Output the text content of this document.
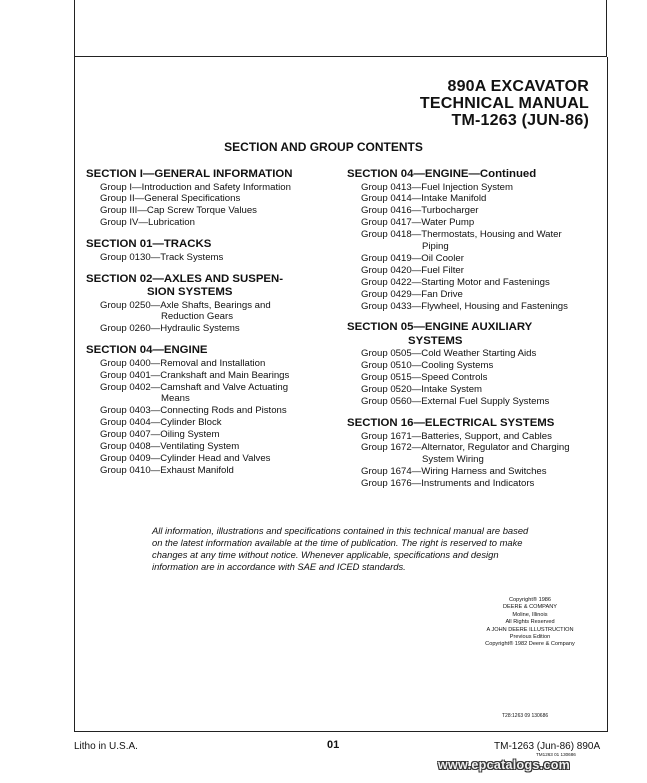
890A EXCAVATOR
TECHNICAL MANUAL
TM-1263 (JUN-86)
SECTION AND GROUP CONTENTS
SECTION I—GENERAL INFORMATION
Group I—Introduction and Safety Information
Group II—General Specifications
Group III—Cap Screw Torque Values
Group IV—Lubrication
SECTION 01—TRACKS
Group 0130—Track Systems
SECTION 02—AXLES AND SUSPEN-
SION SYSTEMS
Group 0250—Axle Shafts, Bearings and
Reduction Gears
Group 0260—Hydraulic Systems
SECTION 04—ENGINE
Group 0400—Removal and Installation
Group 0401—Crankshaft and Main Bearings
Group 0402—Camshaft and Valve Actuating
Means
Group 0403—Connecting Rods and Pistons
Group 0404—Cylinder Block
Group 0407—Oiling System
Group 0408—Ventilating System
Group 0409—Cylinder Head and Valves
Group 0410—Exhaust Manifold
SECTION 04—ENGINE—Continued
Group 0413—Fuel Injection System
Group 0414—Intake Manifold
Group 0416—Turbocharger
Group 0417—Water Pump
Group 0418—Thermostats, Housing and Water
Piping
Group 0419—Oil Cooler
Group 0420—Fuel Filter
Group 0422—Starting Motor and Fastenings
Group 0429—Fan Drive
Group 0433—Flywheel, Housing and Fastenings
SECTION 05—ENGINE AUXILIARY
SYSTEMS
Group 0505—Cold Weather Starting Aids
Group 0510—Cooling Systems
Group 0515—Speed Controls
Group 0520—Intake System
Group 0560—External Fuel Supply Systems
SECTION 16—ELECTRICAL SYSTEMS
Group 1671—Batteries, Support, and Cables
Group 1672—Alternator, Regulator and Charging
System Wiring
Group 1674—Wiring Harness and Switches
Group 1676—Instruments and Indicators
All information, illustrations and specifications contained in this technical manual are based on the latest information available at the time of publication. The right is reserved to make changes at any time without notice. Whenever applicable, specifications and design information are in accordance with SAE and ICED standards.
Copyright® 1986
DEERE & COMPANY
Moline, Illinois
All Rights Reserved
A JOHN DEERE ILLUSTRUCTION
Previous Edition
Copyright® 1982 Deere & Company
T28:1263 09 130686
Litho in U.S.A.	01	TM-1263 (Jun-86) 890A
TM1263 01 130686
www.epcatalogs.com
